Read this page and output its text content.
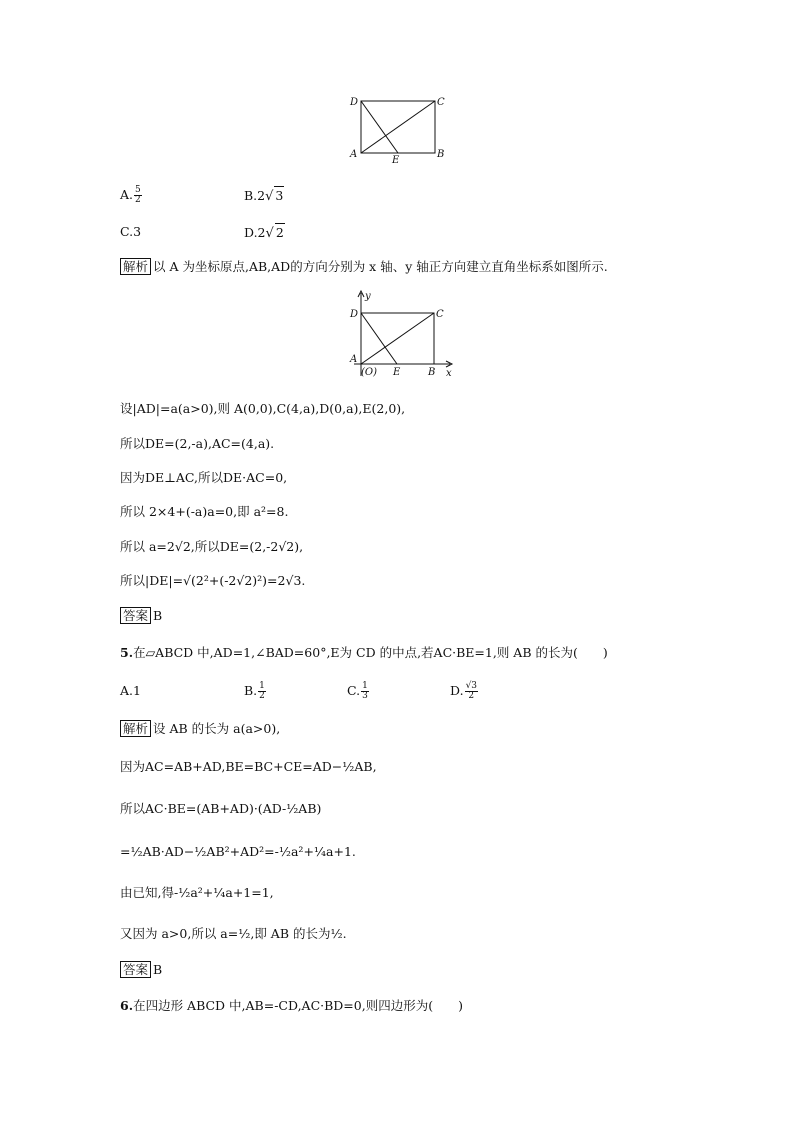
D	C
A	B
E
A. $\frac{5}{2}$	B.2√ 3
C.3	D.2√ 2
解析 以 A 为坐标原点,AB,AD的方向分别为 x 轴、y 轴正方向建立直角坐标系如图所示.
y
x
D	C
A
(O) E	B
设|AD|=a(a>0),则 A(0,0),C(4,a),D(0,a),E(2,0),
所以DE=(2,-a),AC=(4,a).
因为DE⊥AC,所以DE·AC=0,
所以 2×4+(-a)a=0,即 a²=8.
所以 a=2√2,所以DE=(2,-2√2),
所以|DE|=√(2²+(-2√2)²)=2√3.
答案 B
5.在▱ABCD 中,AD=1,∠BAD=60°,E为 CD 的中点,若AC·BE=1,则 AB 的长为(　　)
A.1	B. $\frac{1}{2}$	C. $\frac{1}{3}$	D. $\frac{√3}{2}$
解析 设 AB 的长为 a(a>0),
因为AC=AB+AD,BE=BC+CE=AD−½AB,
所以AC·BE=(AB+AD)·(AD-½AB)
=½AB·AD−½AB²+AD²=-½a²+¼a+1.
由已知,得-½a²+¼a+1=1,
又因为 a>0,所以 a=½,即 AB 的长为½.
答案 B
6.在四边形 ABCD 中,AB=-CD,AC·BD=0,则四边形为(　　)
